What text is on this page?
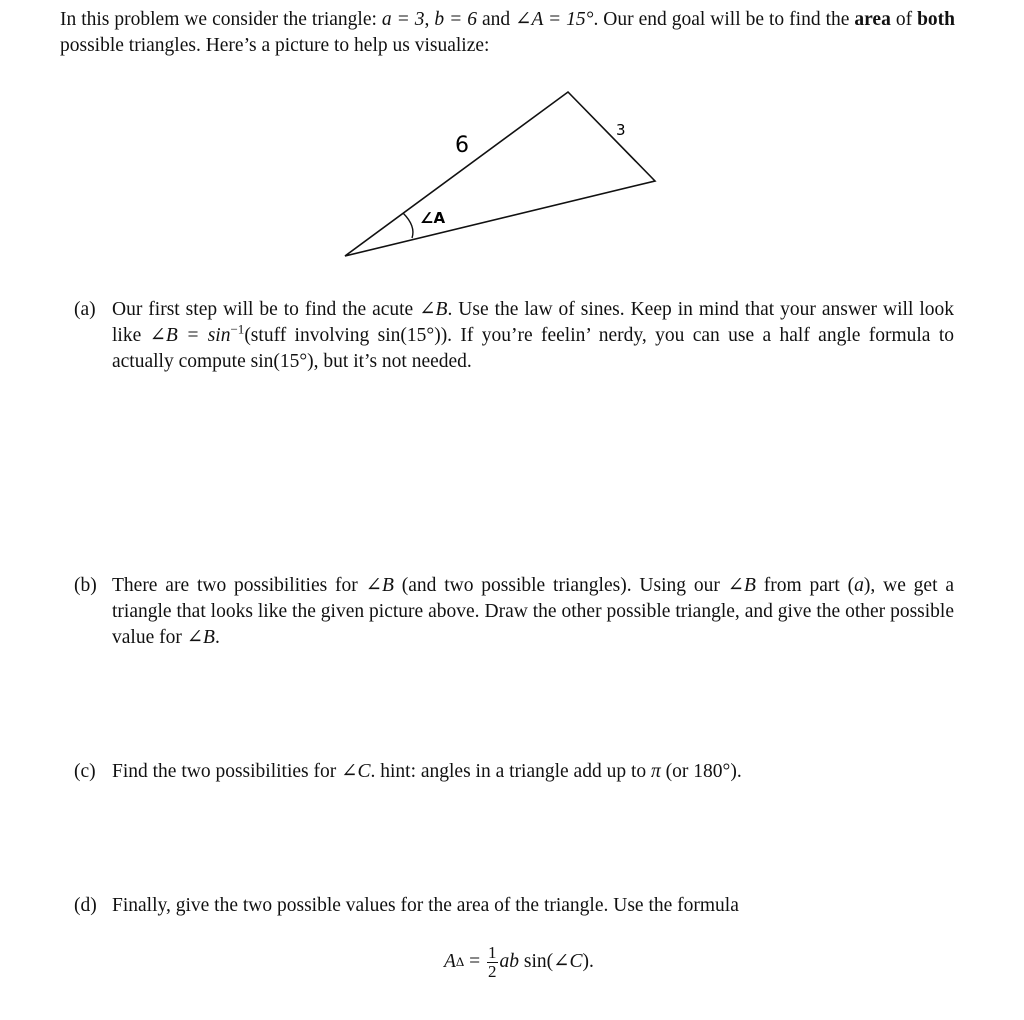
In this problem we consider the triangle: a = 3, b = 6 and ∠A = 15°. Our end goal will be to find the area of both possible triangles. Here’s a picture to help us visualize:
6
3
∠A
(a) Our first step will be to find the acute ∠B. Use the law of sines. Keep in mind that your answer will look like ∠B = $\sin^{-1}(stuff$ involving sin(15°)). If you’re feelin’ nerdy, you can use a half angle formula to actually compute sin(15°), but it’s not needed.
(b) There are two possibilities for ∠B (and two possible triangles). Using our ∠B from part (a), we get a triangle that looks like the given picture above. Draw the other possible triangle, and give the other possible value for ∠B.
(c) Find the two possibilities for ∠C. hint: angles in a triangle add up to π (or 180°).
(d) Finally, give the two possible values for the area of the triangle. Use the formula
A $\Delta = \frac{1}{2}$ ab sin( ∠C ).
